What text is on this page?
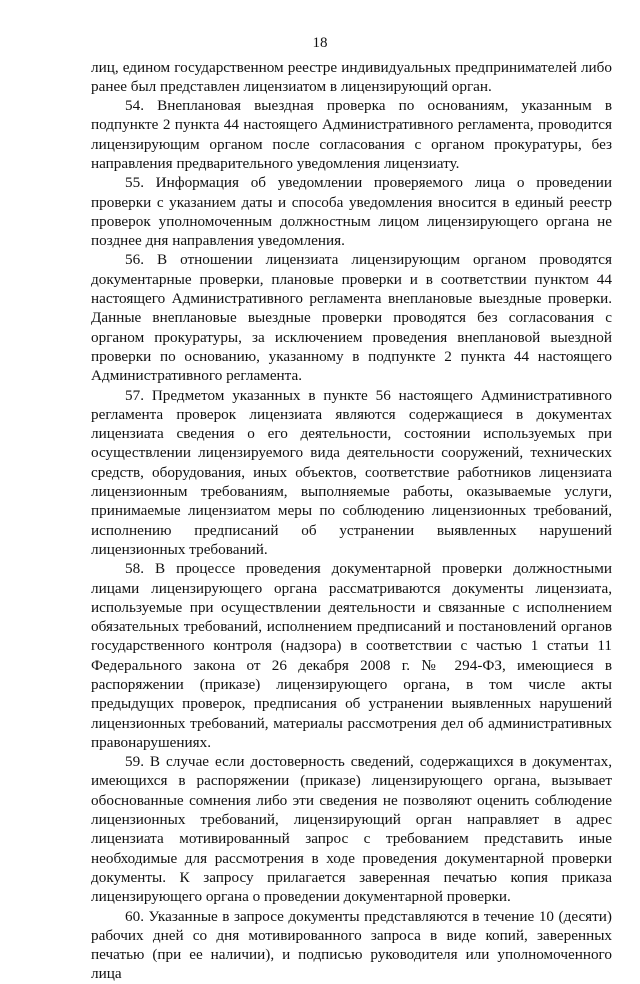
18

лиц, едином государственном реестре индивидуальных предпринимателей либо ранее был представлен лицензиатом в лицензирующий орган.

54. Внеплановая выездная проверка по основаниям, указанным в подпункте 2 пункта 44 настоящего Административного регламента, проводится лицензирующим органом после согласования с органом прокуратуры, без направления предварительного уведомления лицензиату.

55. Информация об уведомлении проверяемого лица о проведении проверки с указанием даты и способа уведомления вносится в единый реестр проверок уполномоченным должностным лицом лицензирующего органа не позднее дня направления уведомления.

56. В отношении лицензиата лицензирующим органом проводятся документарные проверки, плановые проверки и в соответствии пунктом 44 настоящего Административного регламента внеплановые выездные проверки. Данные внеплановые выездные проверки проводятся без согласования с органом прокуратуры, за исключением проведения внеплановой выездной проверки по основанию, указанному в подпункте 2 пункта 44 настоящего Административного регламента.

57. Предметом указанных в пункте 56 настоящего Административного регламента проверок лицензиата являются содержащиеся в документах лицензиата сведения о его деятельности, состоянии используемых при осуществлении лицензируемого вида деятельности сооружений, технических средств, оборудования, иных объектов, соответствие работников лицензиата лицензионным требованиям, выполняемые работы, оказываемые услуги, принимаемые лицензиатом меры по соблюдению лицензионных требований, исполнению предписаний об устранении выявленных нарушений лицензионных требований.

58. В процессе проведения документарной проверки должностными лицами лицензирующего органа рассматриваются документы лицензиата, используемые при осуществлении деятельности и связанные с исполнением обязательных требований, исполнением предписаний и постановлений органов государственного контроля (надзора) в соответствии с частью 1 статьи 11 Федерального закона от 26 декабря 2008 г. № 294-ФЗ, имеющиеся в распоряжении (приказе) лицензирующего органа, в том числе акты предыдущих проверок, предписания об устранении выявленных нарушений лицензионных требований, материалы рассмотрения дел об административных правонарушениях.

59. В случае если достоверность сведений, содержащихся в документах, имеющихся в распоряжении (приказе) лицензирующего органа, вызывает обоснованные сомнения либо эти сведения не позволяют оценить соблюдение лицензионных требований, лицензирующий орган направляет в адрес лицензиата мотивированный запрос с требованием представить иные необходимые для рассмотрения в ходе проведения документарной проверки документы. К запросу прилагается заверенная печатью копия приказа лицензирующего органа о проведении документарной проверки.

60. Указанные в запросе документы представляются в течение 10 (десяти) рабочих дней со дня мотивированного запроса в виде копий, заверенных печатью (при ее наличии), и подписью руководителя или уполномоченного лица
